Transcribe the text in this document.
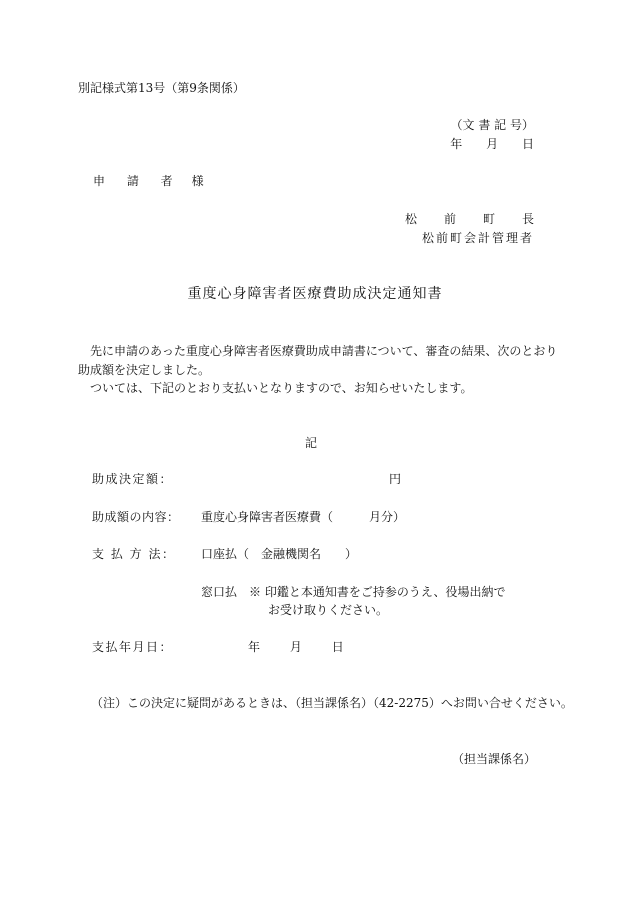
別記様式第13号（第9条関係）
（文 書 記 号）
年 月 日
申 請 者 様
松 前 町 長
松前町会計管理者
重度心身障害者医療費助成決定通知書

先に申請のあった重度心身障害者医療費助成申請書について、審査の結果、次のとおり助成額を決定しました。

ついては、下記のとおり支払いとなりますので、お知らせいたします。

記
助成決定額：	円
助成額の内容： 重度心身障害者医療費（　　　月分）
支 払 方 法： 口座払（　金融機関名　　）
窓口払　※ 印鑑と本通知書をご持参のうえ、役場出納で
お受け取りください。
支払年月日：	年 月 日
（注）この決定に疑問があるときは、（担当課係名）（42-2275）へお問い合せください。
（担当課係名）
